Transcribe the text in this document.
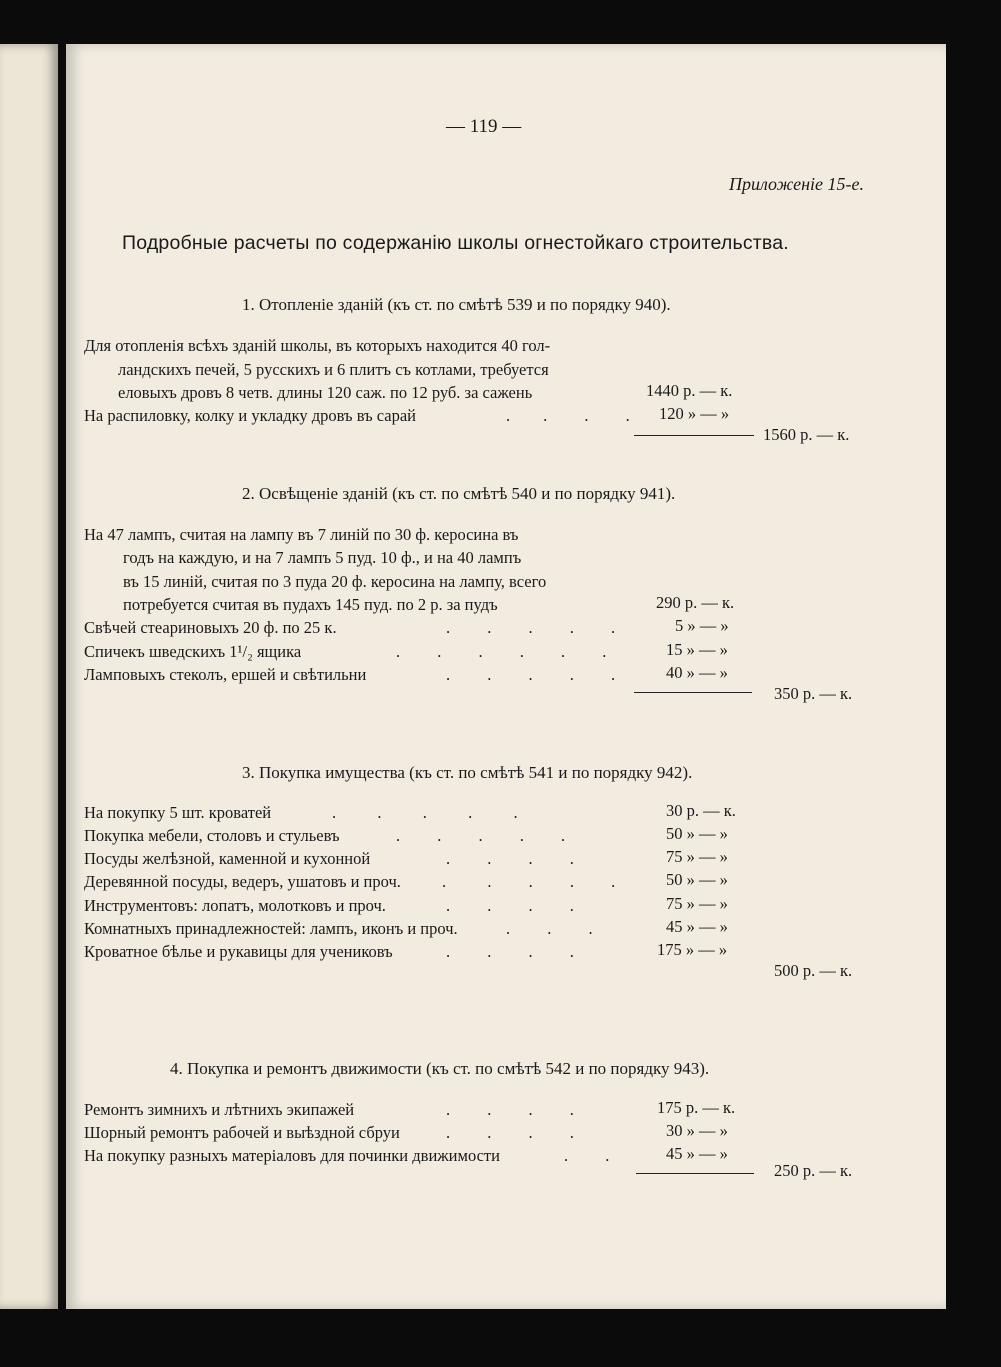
— 119 —
Приложеніе 15-е.
Подробные расчеты по содержанію школы огнестойкаго строительства.
1. Отопленіе зданій (къ ст. по смѣтѣ 539 и по порядку 940).
Для отопленія всѣхъ зданій школы, въ которыхъ находится 40 гол-
ландскихъ печей, 5 русскихъ и 6 плитъ съ котлами, требуется
еловыхъ дровъ 8 четв. длины 120 саж. по 12 руб. за сажень
На распиловку, колку и укладку дровъ въ сарай	.        .         .         .
1440 р. — к.
120 » — »
1560 р. — к.
2. Освѣщеніе зданій (къ ст. по смѣтѣ 540 и по порядку 941).
На 47 лампъ, считая на лампу въ 7 линій по 30 ф. керосина въ
годъ на каждую, и на 7 лампъ 5 пуд. 10 ф., и на 40 лампъ
въ 15 линій, считая по 3 пуда 20 ф. керосина на лампу, всего
потребуется считая въ пудахъ 145 пуд. по 2 р. за пудъ
Свѣчей стеариновыхъ 20 ф. по 25 к.
Спичекъ шведскихъ 1¹/₂ ящика
Ламповыхъ стеколъ, ершей и свѣтильни
.         .         .         .         .
.         .         .         .         .         .
.         .         .         .         .
290 р. — к.
5 » — »
15 » — »
40 » — »
350 р. — к.
3. Покупка имущества (къ ст. по смѣтѣ 541 и по порядку 942).
На покупку 5 шт. кроватей
Покупка мебели, столовъ и стульевъ
Посуды желѣзной, каменной и кухонной
Деревянной посуды, ведеръ, ушатовъ и проч.
Инструментовъ: лопатъ, молотковъ и проч.
Комнатныхъ принадлежностей: лампъ, иконъ и проч.
Кроватное бѣлье и рукавицы для учениковъ
.          .          .          .          .
.         .         .         .         .
.         .         .         .
.          .         .         .         .
.         .         .         .
.         .         .
.         .         .         .
30 р. — к.
50 » — »
75 » — »
50 » — »
75 » — »
45 » — »
175 » — »
500 р. — к.
4. Покупка и ремонтъ движимости (къ ст. по смѣтѣ 542 и по порядку 943).
Ремонтъ зимнихъ и лѣтнихъ экипажей
Шорный ремонтъ рабочей и выѣздной сбруи
На покупку разныхъ матеріаловъ для починки движимости
.         .         .         .
.         .         .         .
.         .
175 р. — к.
30 » — »
45 » — »
250 р. — к.
